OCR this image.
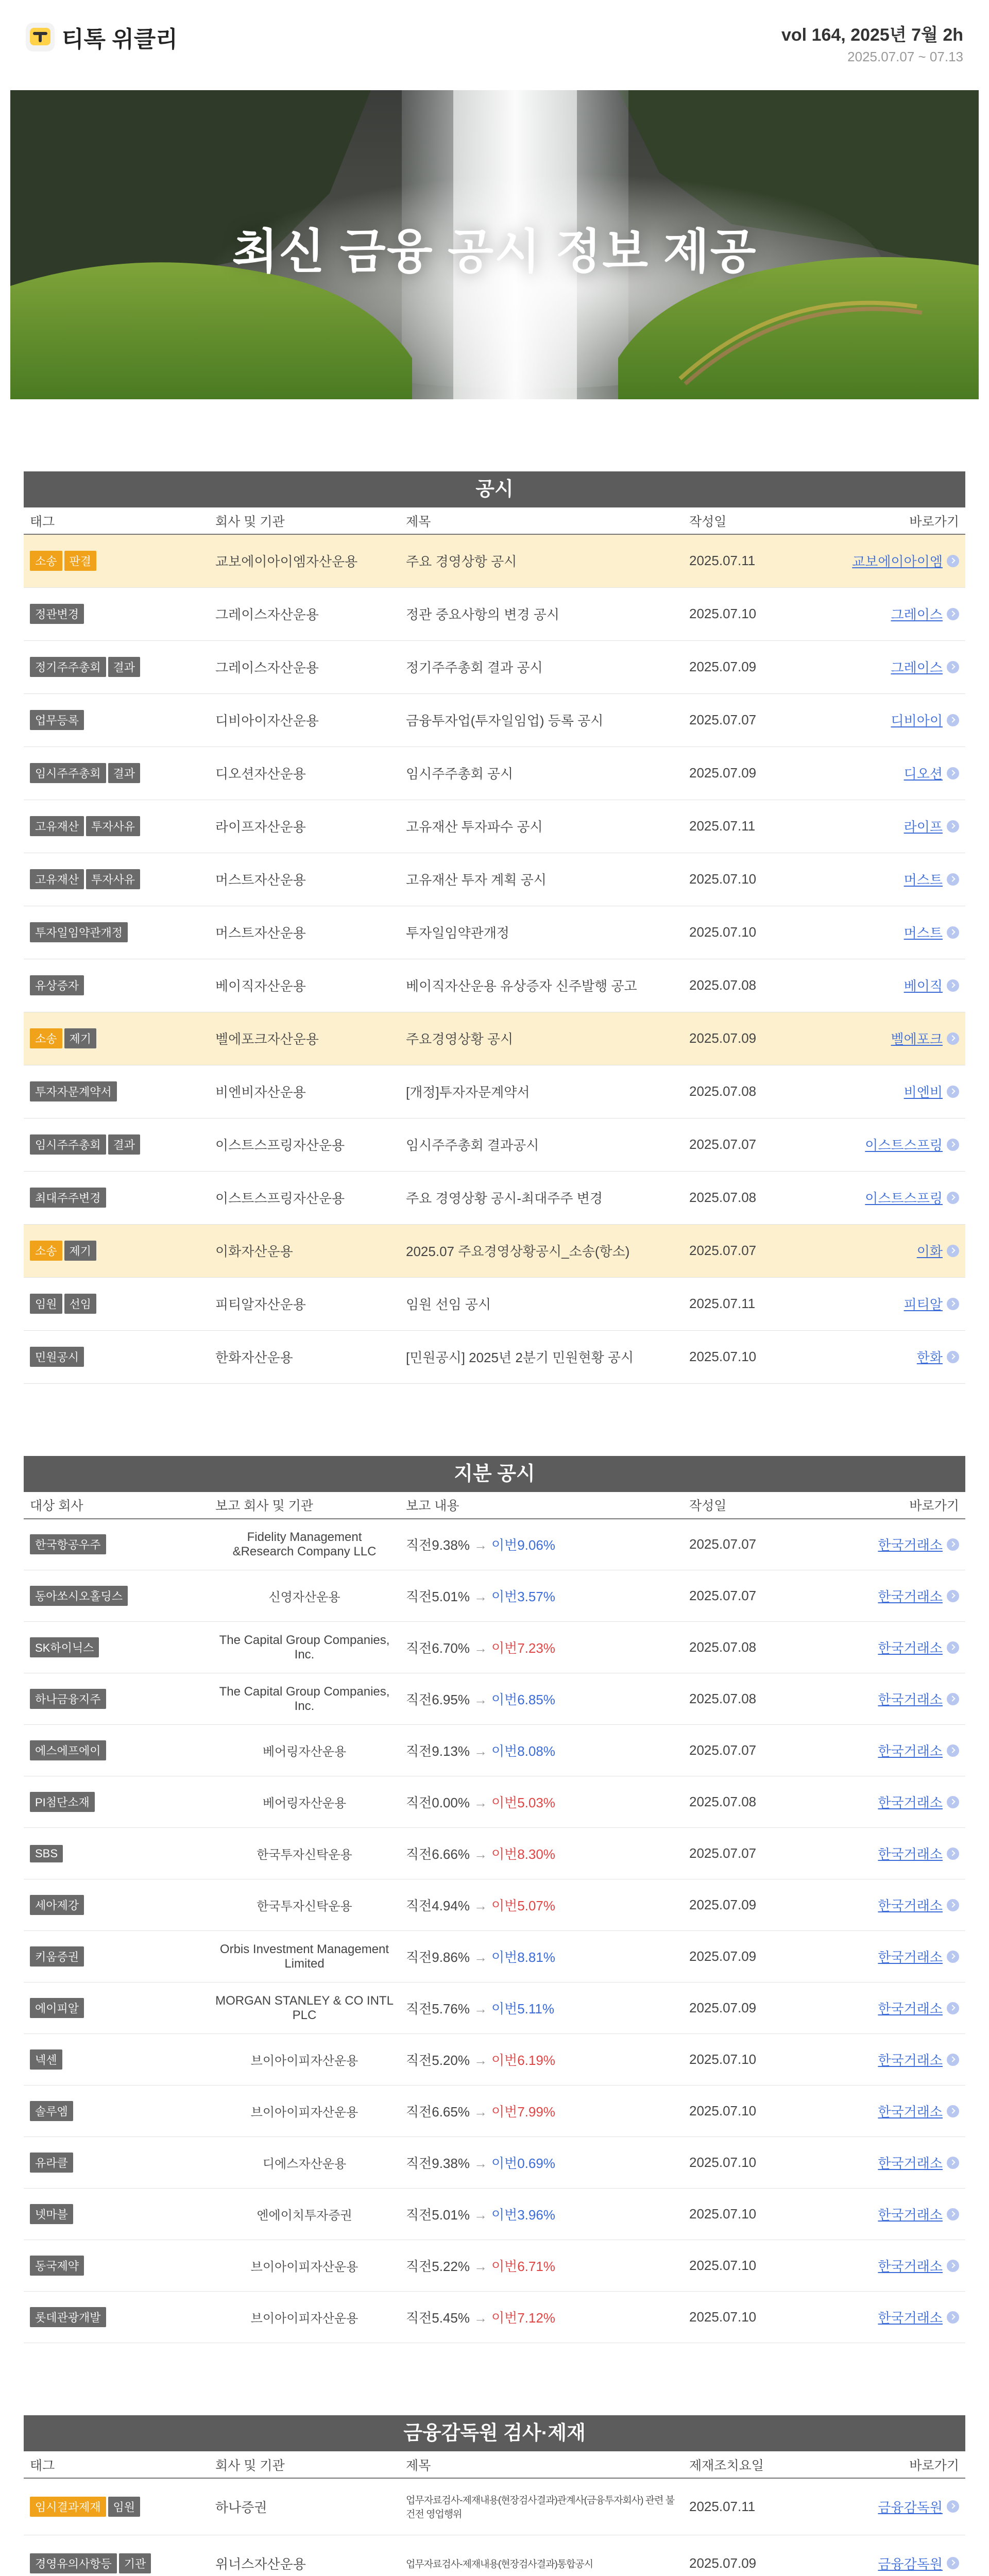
티톡 위클리	vol 164, 2025년 7월 2h
2025.07.07 ~ 07.13
최신 금융 공시 정보 제공
공시
태그	회사 및 기관	제목	작성일	바로가기
소송 판결	교보에이아이엠자산운용	주요 경영상항 공시	2025.07.11	교보에이아이엠

정관변경	그레이스자산운용	정관 중요사항의 변경 공시	2025.07.10	그레이스

정기주주총회 결과	그레이스자산운용	정기주주총회 결과 공시	2025.07.09	그레이스

업무등록	디비아이자산운용	금융투자업(투자일임업) 등록 공시	2025.07.07	디비아이

임시주주총회 결과	디오션자산운용	임시주주총회 공시	2025.07.09	디오션

고유재산 투자사유	라이프자산운용	고유재산 투자파수 공시	2025.07.11	라이프

고유재산 투자사유	머스트자산운용	고유재산 투자 계획 공시	2025.07.10	머스트

투자일임약관개정	머스트자산운용	투자일임약관개정	2025.07.10	머스트

유상증자	베이직자산운용	베이직자산운용 유상증자 신주발행 공고	2025.07.08	베이직

소송 제기	벨에포크자산운용	주요경영상황 공시	2025.07.09	벨에포크

투자자문계약서	비엔비자산운용	[개정]투자자문계약서	2025.07.08	비엔비

임시주주총회 결과	이스트스프링자산운용	임시주주총회 결과공시	2025.07.07	이스트스프링

최대주주변경	이스트스프링자산운용	주요 경영상황 공시-최대주주 변경	2025.07.08	이스트스프링

소송 제기	이화자산운용	2025.07 주요경영상황공시_소송(항소)	2025.07.07	이화

임원 선임	피티알자산운용	임원 선임 공시	2025.07.11	피티알

민원공시	한화자산운용	[민원공시] 2025년 2분기 민원현황 공시	2025.07.10	한화
지분 공시
대상 회사	보고 회사 및 기관	보고 내용	작성일	바로가기
한국항공우주	Fidelity Management &Research Company LLC	직전9.38% → 이번9.06%	2025.07.07	한국거래소

동아쏘시오홀딩스	신영자산운용	직전5.01% → 이번3.57%	2025.07.07	한국거래소

SK하이닉스	The Capital Group Companies, Inc.	직전6.70% → 이번7.23%	2025.07.08	한국거래소

하나금융지주	The Capital Group Companies, Inc.	직전6.95% → 이번6.85%	2025.07.08	한국거래소

에스에프에이	베어링자산운용	직전9.13% → 이번8.08%	2025.07.07	한국거래소

PI첨단소재	베어링자산운용	직전0.00% → 이번5.03%	2025.07.08	한국거래소

SBS	한국투자신탁운용	직전6.66% → 이번8.30%	2025.07.07	한국거래소

세아제강	한국투자신탁운용	직전4.94% → 이번5.07%	2025.07.09	한국거래소

키움증권	Orbis Investment Management Limited	직전9.86% → 이번8.81%	2025.07.09	한국거래소

에이피알	MORGAN STANLEY & CO INTL PLC	직전5.76% → 이번5.11%	2025.07.09	한국거래소

넥센	브이아이피자산운용	직전5.20% → 이번6.19%	2025.07.10	한국거래소

솔루엠	브이아이피자산운용	직전6.65% → 이번7.99%	2025.07.10	한국거래소

유라클	디에스자산운용	직전9.38% → 이번0.69%	2025.07.10	한국거래소

넷마블	엔에이치투자증권	직전5.01% → 이번3.96%	2025.07.10	한국거래소

동국제약	브이아이피자산운용	직전5.22% → 이번6.71%	2025.07.10	한국거래소

롯데관광개발	브이아이피자산운용	직전5.45% → 이번7.12%	2025.07.10	한국거래소
금융감독원 검사·제재
태그	회사 및 기관	제목	제재조치요일	바로가기
임시결과제재 임원	하나증권	업무자료검사-제재내용(현장검사결과)관계사(금융투자회사) 관련 불건전 영업행위	2025.07.11	금융감독원

경영유의사항등 기관	위너스자산운용	업무자료검사-제재내용(현장검사결과)통합공시	2025.07.09	금융감독원
